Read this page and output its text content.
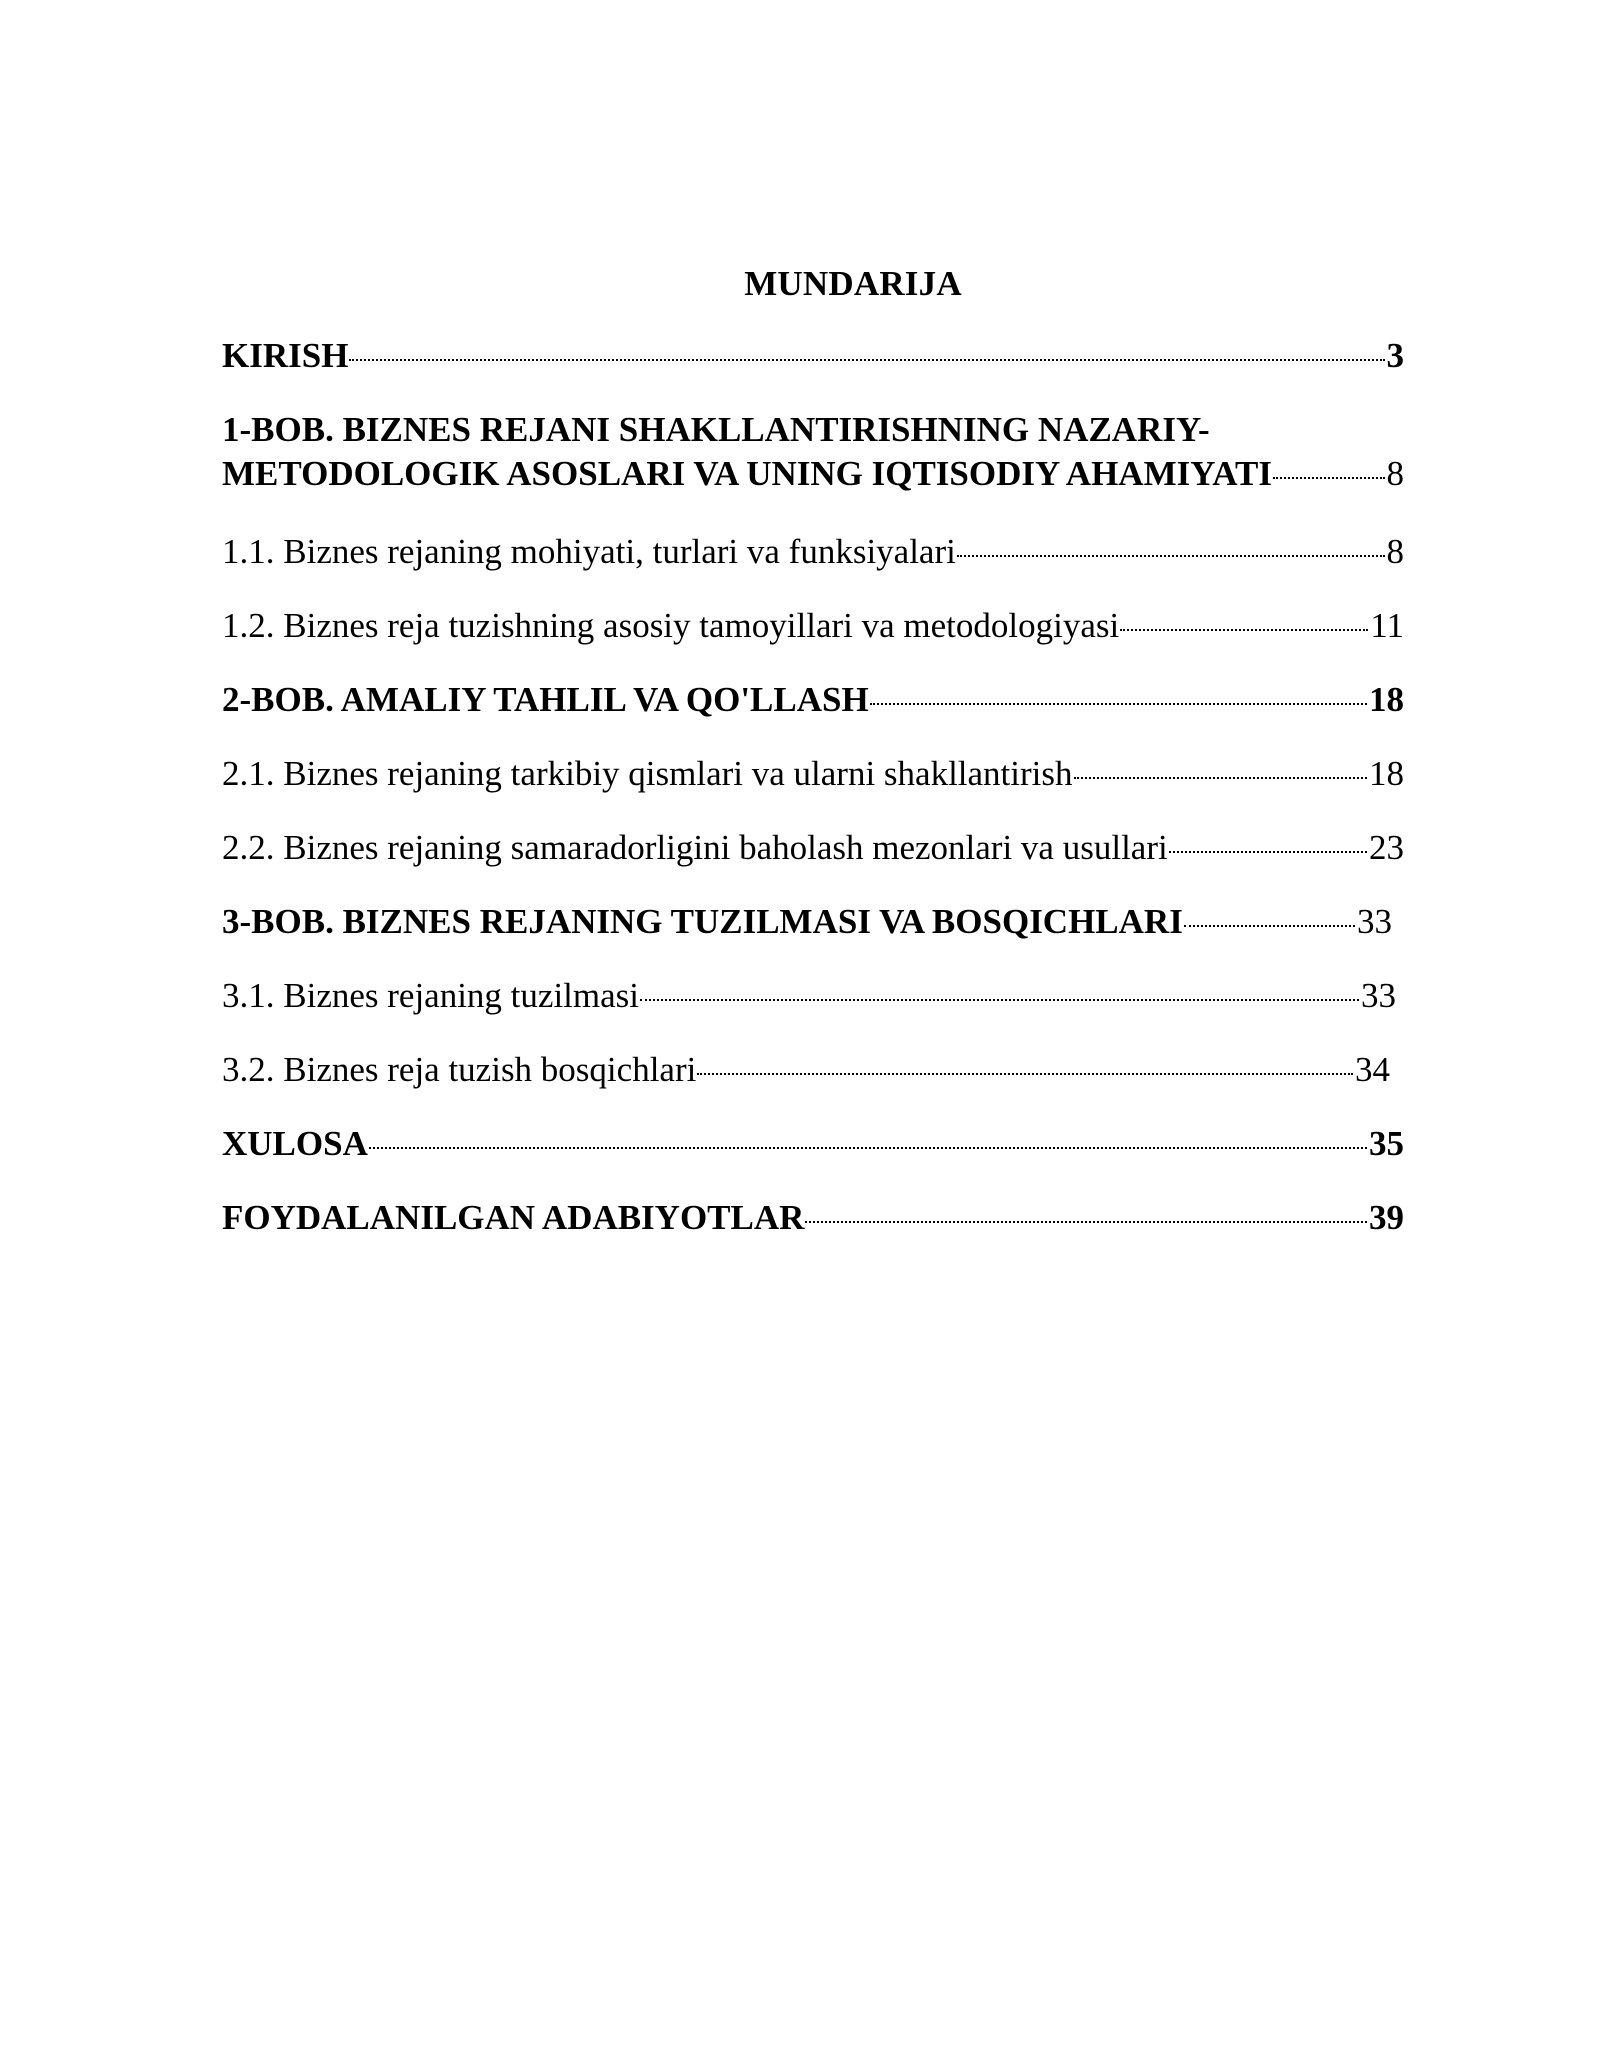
MUNDARIJA
KIRISH	3
1-BOB. BIZNES REJANI SHAKLLANTIRISHNING NAZARIY-
METODOLOGIK ASOSLARI VA UNING IQTISODIY AHAMIYATI	8
1.1. Biznes rejaning mohiyati, turlari va funksiyalari	8
1.2. Biznes reja tuzishning asosiy tamoyillari va metodologiyasi	11
2-BOB. AMALIY TAHLIL VA QO'LLASH	18
2.1. Biznes rejaning tarkibiy qismlari va ularni shakllantirish	18
2.2. Biznes rejaning samaradorligini baholash mezonlari va usullari	23
3-BOB. BIZNES REJANING TUZILMASI VA BOSQICHLARI	33
3.1. Biznes rejaning tuzilmasi	33
3.2. Biznes reja tuzish bosqichlari	34
XULOSA	35
FOYDALANILGAN ADABIYOTLAR	39
